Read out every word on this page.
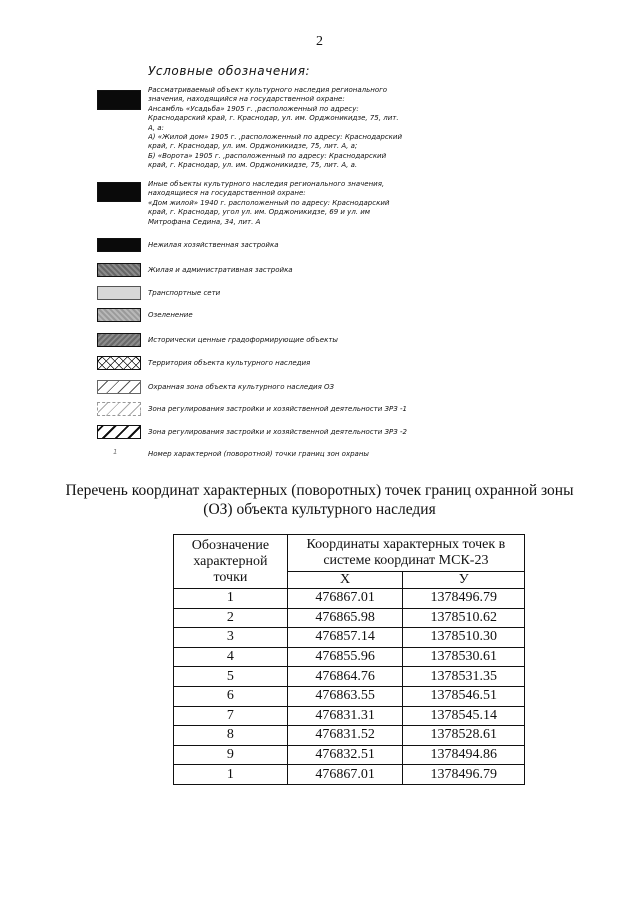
2
Условные обозначения:
Рассматриваемый объект культурного наследия регионального
значения, находящийся на государственной охране:
Ансамбль «Усадьба» 1905 г. ,расположенный по адресу:
Краснодарский край, г. Краснодар, ул. им. Орджоникидзе, 75, лит.
А, а:
А) «Жилой дом» 1905 г. ,расположенный по адресу: Краснодарский
край, г. Краснодар, ул. им. Орджоникидзе, 75, лит. А, а;
Б) «Ворота» 1905 г. ,расположенный по адресу: Краснодарский
край, г. Краснодар, ул. им. Орджоникидзе, 75, лит. А, а.
Иные объекты культурного наследия регионального значения,
находящиеся на государственной охране:
«Дом жилой» 1940 г. расположенный по адресу: Краснодарский
край, г. Краснодар, угол ул. им. Орджоникидзе, 69 и ул. им
Митрофана Седина, 34, лит. А
Нежилая хозяйственная застройка
Жилая и административная застройка
Транспортные сети
Озеленение
Исторически ценные градоформирующие объекты
Территория объекта культурного наследия
Охранная зона объекта культурного наследия ОЗ
Зона регулирования застройки и хозяйственной деятельности ЗРЗ -1
Зона регулирования застройки и хозяйственной деятельности ЗРЗ -2
1	Номер характерной (поворотной) точки границ зон охраны
Перечень координат характерных (поворотных) точек границ охранной зоны
(ОЗ) объекта культурного наследия
Обозначение характерной точки	Координаты характерных точек в системе координат МСК-23	
	X	У
1	476867.01	1378496.79
2	476865.98	1378510.62
3	476857.14	1378510.30
4	476855.96	1378530.61
5	476864.76	1378531.35
6	476863.55	1378546.51
7	476831.31	1378545.14
8	476831.52	1378528.61
9	476832.51	1378494.86
1	476867.01	1378496.79
